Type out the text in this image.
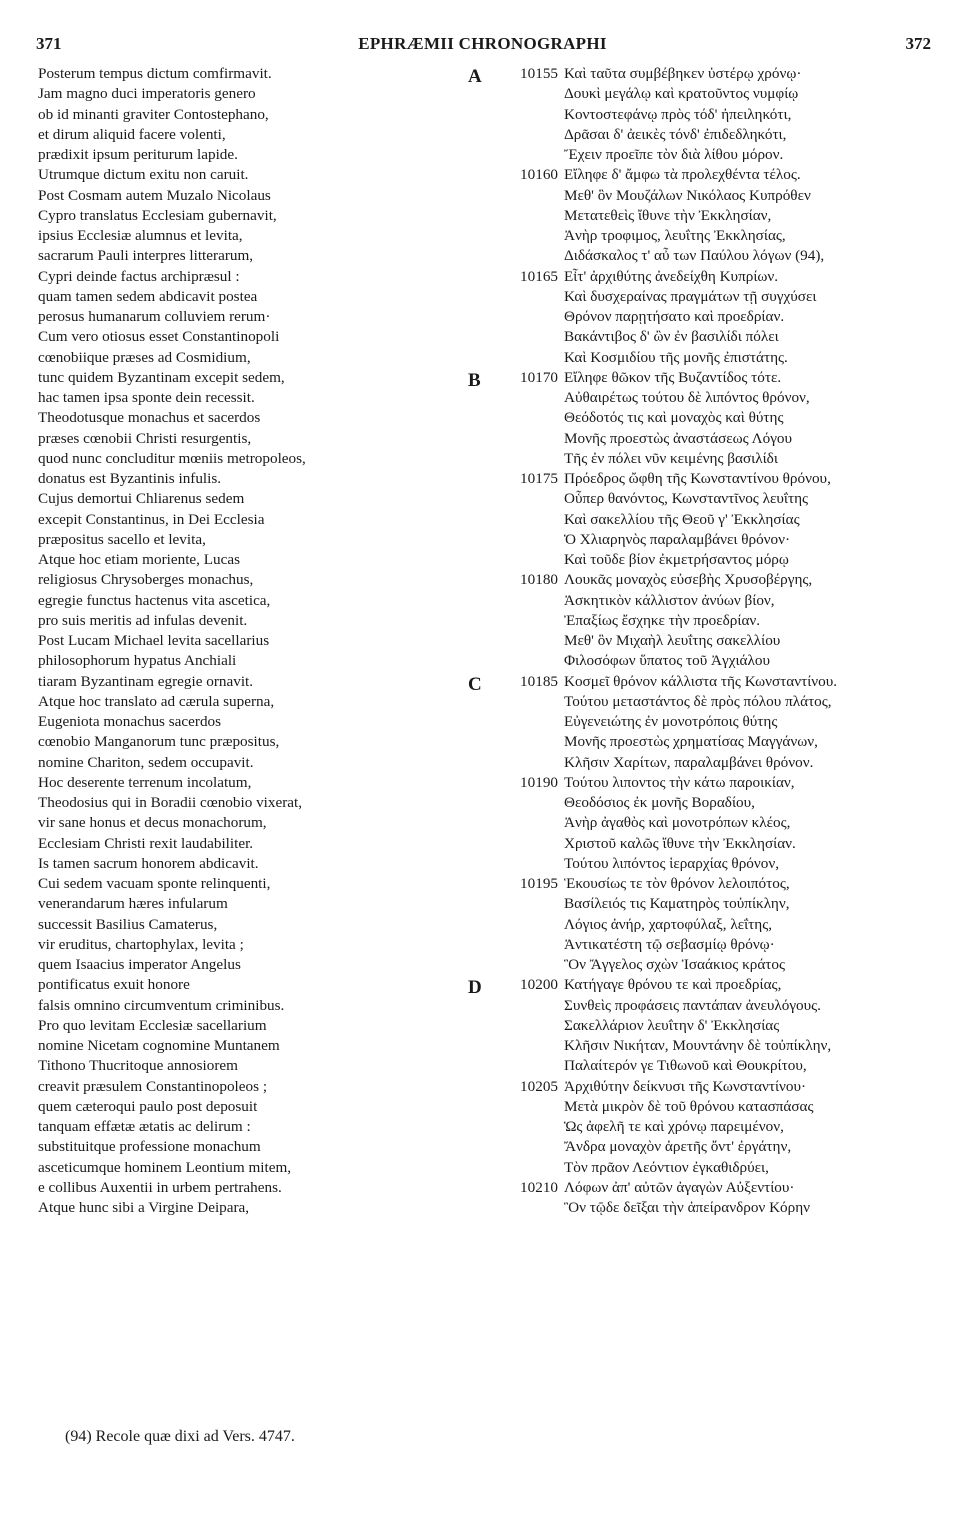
371	EPHRÆMII CHRONOGRAPHI	372
Posterum tempus dictum comfirmavit.
Jam magno duci imperatoris genero
ob id minanti graviter Contostephano,
et dirum aliquid facere volenti,
prædixit ipsum periturum lapide.
Utrumque dictum exitu non caruit.
Post Cosmam autem Muzalo Nicolaus
Cypro translatus Ecclesiam gubernavit,
ipsius Ecclesiæ alumnus et levita,
sacrarum Pauli interpres litterarum,
Cypri deinde factus archipræsul :
quam tamen sedem abdicavit postea
perosus humanarum colluviem rerum·
Cum vero otiosus esset Constantinopoli
cœnobiique præses ad Cosmidium,
tunc quidem Byzantinam excepit sedem,
hac tamen ipsa sponte dein recessit.
Theodotusque monachus et sacerdos
præses cœnobii Christi resurgentis,
quod nunc concluditur mœniis metropoleos,
donatus est Byzantinis infulis.
Cujus demortui Chliarenus sedem
excepit Constantinus, in Dei Ecclesia
præpositus sacello et levita,
Atque hoc etiam moriente, Lucas
religiosus Chrysoberges monachus,
egregie functus hactenus vita ascetica,
pro suis meritis ad infulas devenit.
Post Lucam Michael levita sacellarius
philosophorum hypatus Anchiali
tiaram Byzantinam egregie ornavit.
Atque hoc translato ad cærula superna,
Eugeniota monachus sacerdos
cœnobio Manganorum tunc præpositus,
nomine Chariton, sedem occupavit.
Hoc deserente terrenum incolatum,
Theodosius qui in Boradii cœnobio vixerat,
vir sane honus et decus monachorum,
Ecclesiam Christi rexit laudabiliter.
Is tamen sacrum honorem abdicavit.
Cui sedem vacuam sponte relinquenti,
venerandarum hæres infularum
successit Basilius Camaterus,
vir eruditus, chartophylax, levita ;
quem Isaacius imperator Angelus
pontificatus exuit honore
falsis omnino circumventum criminibus.
Pro quo levitam Ecclesiæ sacellarium
nomine Nicetam cognomine Muntanem
Tithono Thucritoque annosiorem
creavit præsulem Constantinopoleos ;
quem cæteroqui paulo post deposuit
tanquam effætæ ætatis ac delirum :
substituitque professione monachum
asceticumque hominem Leontium mitem,
e collibus Auxentii in urbem pertrahens.
Atque hunc sibi a Virgine Deipara,
A	10155 Καὶ ταῦτα συμβέβηκεν ὑστέρῳ χρόνῳ·
Δουκὶ μεγάλῳ καὶ κρατοῦντος νυμφίῳ
Κοντοστεφάνῳ πρὸς τόδ' ἠπειληκότι,
Δρᾶσαι δ' ἀεικὲς τόνδ' ἐπιδεδληκότι,
Ἔχειν προεῖπε τὸν διὰ λίθου μόρον.
10160 Εἴληφε δ' ἄμφω τὰ προλεχθέντα τέλος.
Μεθ' ὃν Μουζάλων Νικόλαος Κυπρόθεν
Μετατεθεὶς ἴθυνε τὴν Ἐκκλησίαν,
Ἀνὴρ τροφιμος, λευΐτης Ἐκκλησίας,
Διδάσκαλος τ' αὖ των Παύλου λόγων (94),
10165 Εἶτ' ἀρχιθύτης ἀνεδείχθη Κυπρίων.
Καὶ δυσχεραίνας πραγμάτων τῇ συγχύσει
Θρόνον παρῃτήσατο καὶ προεδρίαν.
Βακάντιβος δ' ὢν ἐν βασιλίδι πόλει
Καὶ Κοσμιδίου τῆς μονῆς ἐπιστάτης.
B	10170 Εἴληφε θῶκον τῆς Βυζαντίδος τότε.
Αὐθαιρέτως τούτου δὲ λιπόντος θρόνον,
Θεόδοτός τις καὶ μοναχὸς καὶ θύτης
Μονῆς προεστὼς ἀναστάσεως Λόγου
Τῆς ἐν πόλει νῦν κειμένης βασιλίδι
10175 Πρόεδρος ὤφθη τῆς Κωνσταντίνου θρόνου,
Οὗπερ θανόντος, Κωνσταντῖνος λευΐτης
Καὶ σακελλίου τῆς Θεοῦ γ' Ἐκκλησίας
Ὁ Χλιαρηνὸς παραλαμβάνει θρόνον·
Καὶ τοῦδε βίον ἐκμετρήσαντος μόρῳ
10180 Λουκᾶς μοναχὸς εὐσεβὴς Χρυσοβέργης,
Ἀσκητικὸν κάλλιστον ἀνύων βίον,
Ἐπαξίως ἔσχηκε τὴν προεδρίαν.
Μεθ' ὃν Μιχαὴλ λευΐτης σακελλίου
Φιλοσόφων ὕπατος τοῦ Ἀγχιάλου
C	10185 Κοσμεῖ θρόνον κάλλιστα τῆς Κωνσταντίνου.
Τούτου μεταστάντος δὲ πρὸς πόλου πλάτος,
Εὐγενειώτης ἐν μονοτρόποις θύτης
Μονῆς προεστὼς χρηματίσας Μαγγάνων,
Κλῆσιν Χαρίτων, παραλαμβάνει θρόνον.
10190 Τούτου λιποντος τὴν κάτω παροικίαν,
Θεοδόσιος ἐκ μονῆς Βοραδίου,
Ἀνὴρ ἀγαθὸς καὶ μονοτρόπων κλέος,
Χριστοῦ καλῶς ἴθυνε τὴν Ἐκκλησίαν.
Τούτου λιπόντος ἱεραρχίας θρόνον,
10195 Ἑκουσίως τε τὸν θρόνον λελοιπότος,
Βασίλειός τις Καματηρὸς τοὐπίκλην,
Λόγιος ἀνήρ, χαρτοφύλαξ, λεΐτης,
Ἀντικατέστη τῷ σεβασμίῳ θρόνῳ·
Ὃν Ἄγγελος σχὼν Ἰσαάκιος κράτος
D	10200 Κατήγαγε θρόνου τε καὶ προεδρίας,
Συνθεὶς προφάσεις παντάπαν ἀνευλόγους.
Σακελλάριον λευΐτην δ' Ἐκκλησίας
Κλῆσιν Νικήταν, Μουντάνην δὲ τοὐπίκλην,
Παλαίτερόν γε Τιθωνοῦ καὶ Θουκρίτου,
10205 Ἀρχιθύτην δείκνυσι τῆς Κωνσταντίνου·
Μετὰ μικρὸν δὲ τοῦ θρόνου κατασπάσας
Ὡς ἀφελῆ τε καὶ χρόνῳ παρειμένον,
Ἄνδρα μοναχὸν ἀρετῆς ὄντ' ἐργάτην,
Τὸν πρᾶον Λεόντιον ἐγκαθιδρύει,
10210 Λόφων ἀπ' αὐτῶν ἀγαγὼν Αὐξεντίου·
Ὃν τῷδε δεῖξαι τὴν ἀπείρανδρον Κόρην
(94) Recole quæ dixi ad Vers. 4747.
